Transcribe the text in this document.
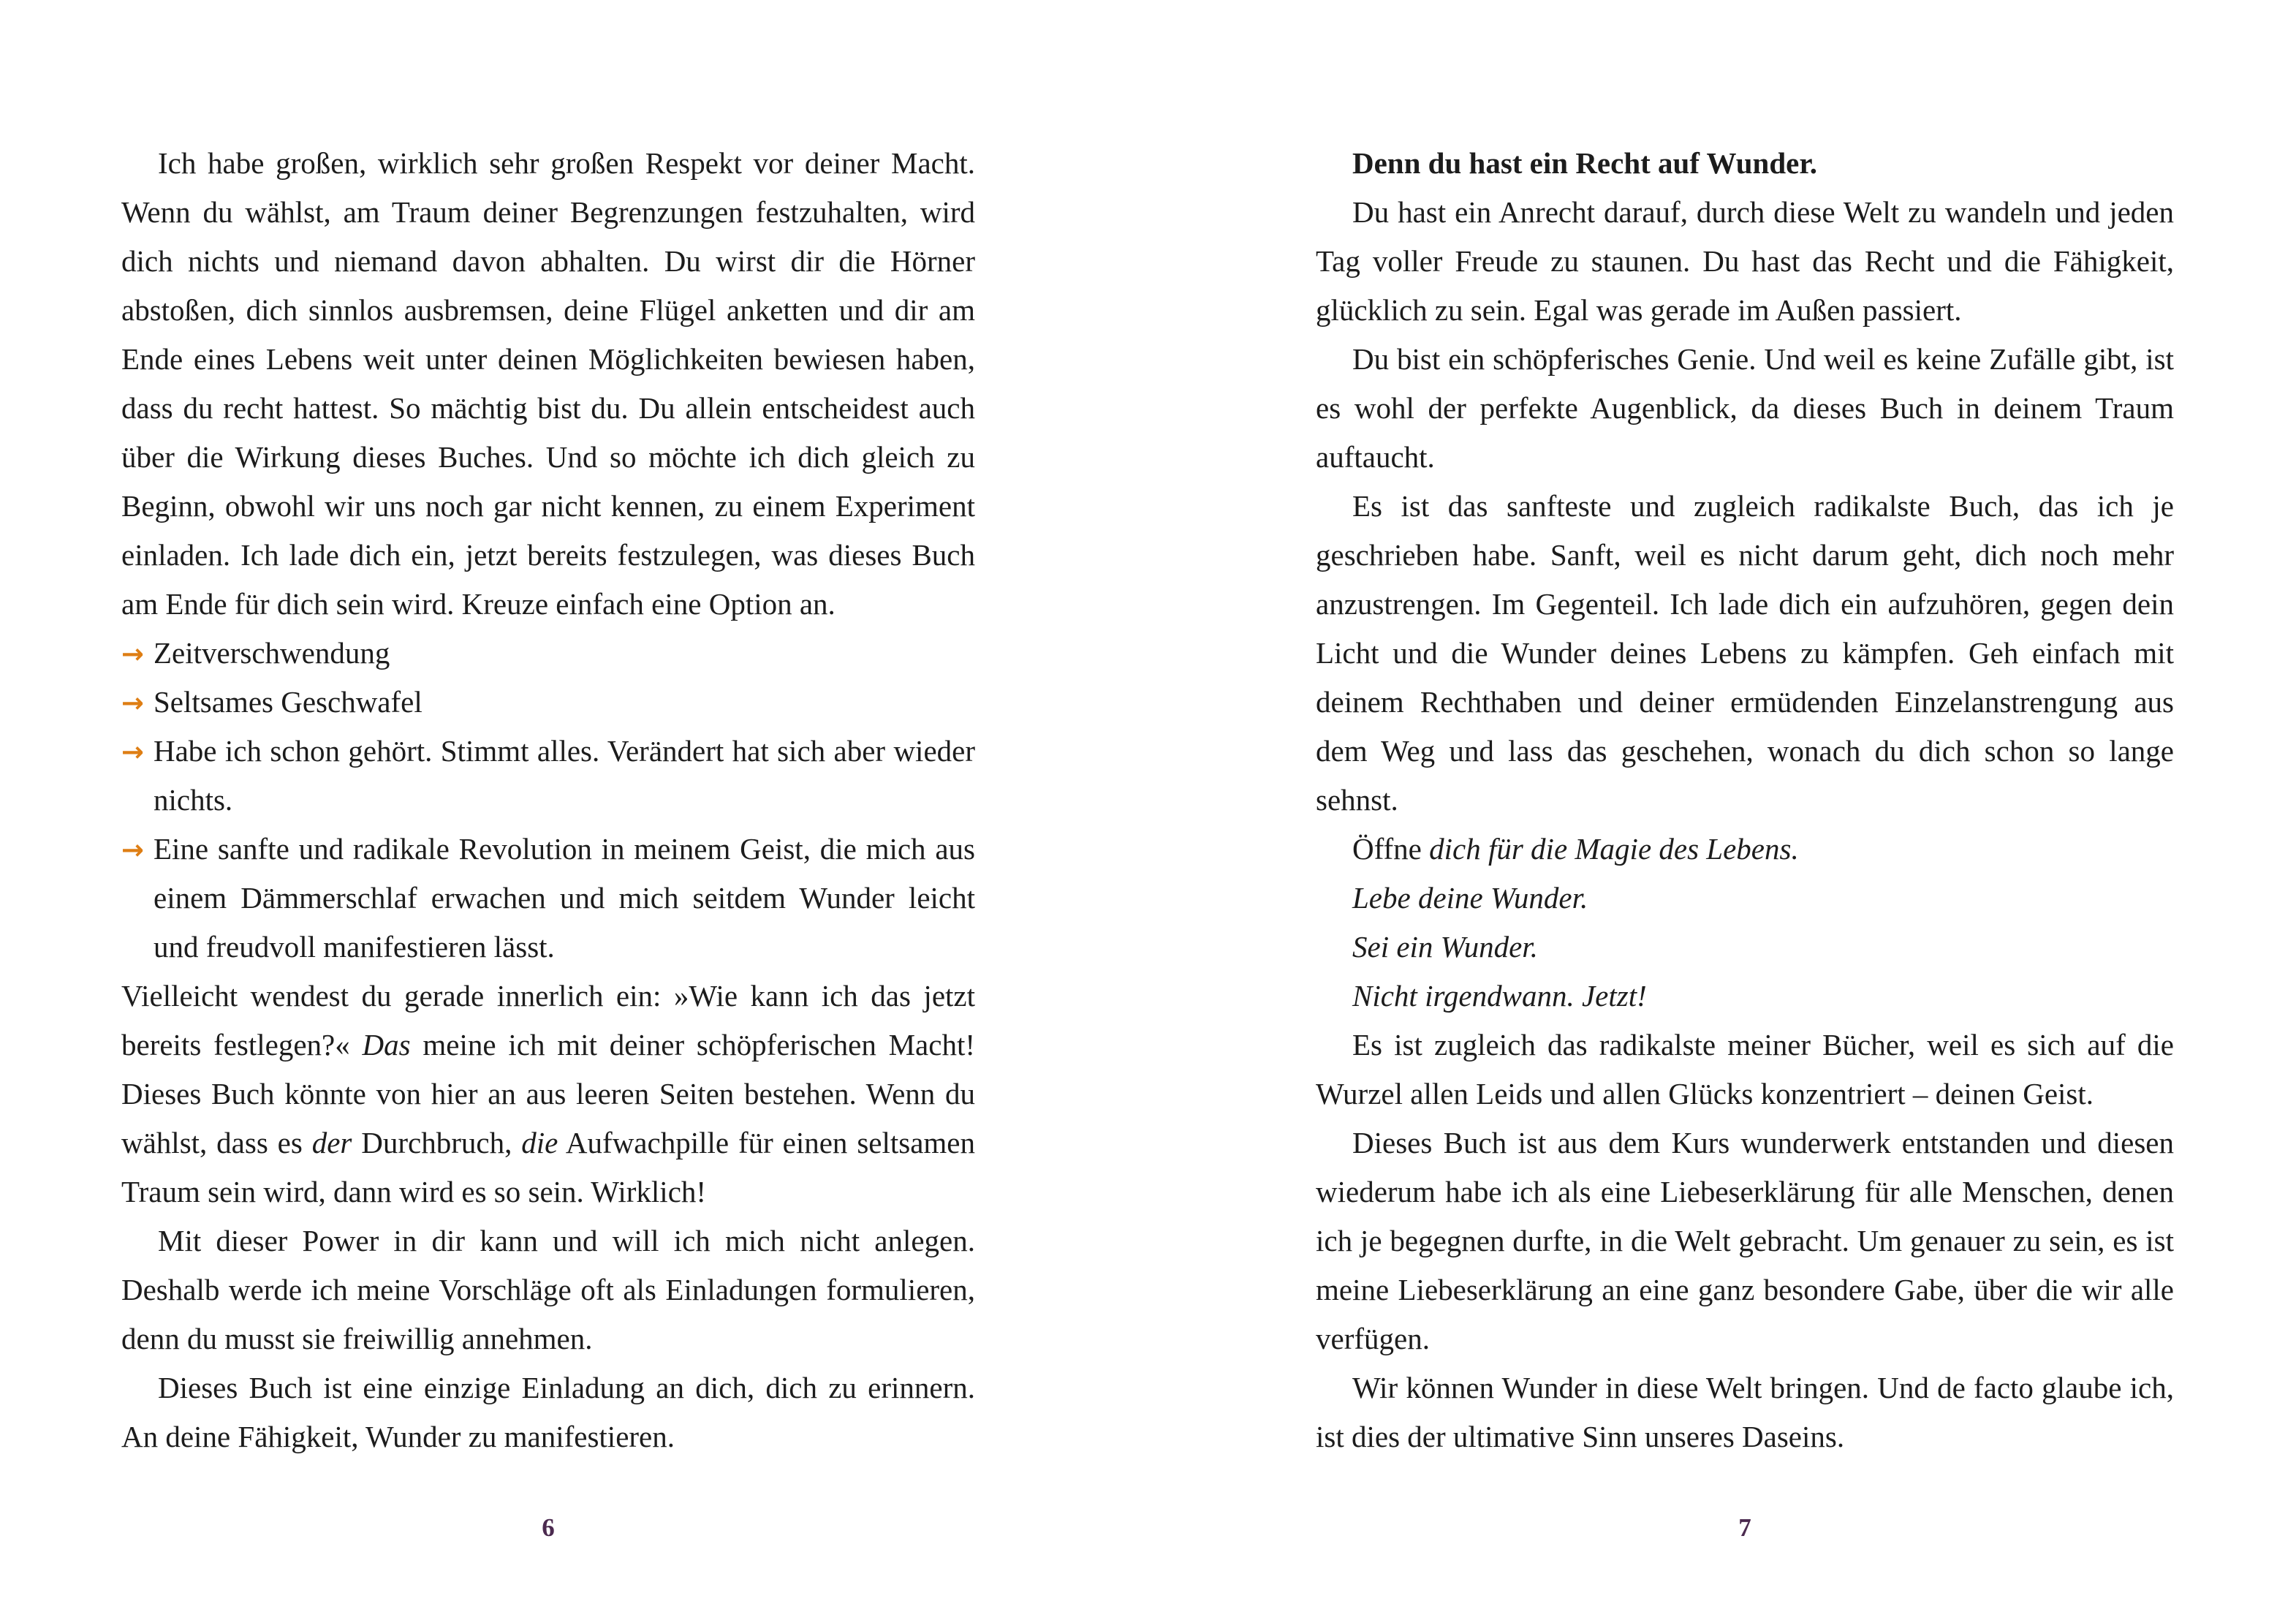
Ich habe großen, wirklich sehr großen Respekt vor deiner Macht. Wenn du wählst, am Traum deiner Begrenzungen festzuhalten, wird dich nichts und niemand davon abhalten. Du wirst dir die Hörner abstoßen, dich sinnlos ausbremsen, deine Flügel anketten und dir am Ende eines Lebens weit unter deinen Möglichkeiten bewiesen haben, dass du recht hattest. So mächtig bist du. Du allein entscheidest auch über die Wirkung dieses Buches. Und so möchte ich dich gleich zu Beginn, obwohl wir uns noch gar nicht kennen, zu einem Experiment einladen. Ich lade dich ein, jetzt bereits festzulegen, was dieses Buch am Ende für dich sein wird. Kreuze einfach eine Option an.

→ Zeitverschwendung
→ Seltsames Geschwafel
→ Habe ich schon gehört. Stimmt alles. Verändert hat sich aber wieder nichts.
→ Eine sanfte und radikale Revolution in meinem Geist, die mich aus einem Dämmerschlaf erwachen und mich seitdem Wunder leicht und freudvoll manifestieren lässt.

Vielleicht wendest du gerade innerlich ein: »Wie kann ich das jetzt bereits festlegen?« Das meine ich mit deiner schöpferischen Macht! Dieses Buch könnte von hier an aus leeren Seiten bestehen. Wenn du wählst, dass es der Durchbruch, die Aufwachpille für einen seltsamen Traum sein wird, dann wird es so sein. Wirklich!

Mit dieser Power in dir kann und will ich mich nicht anlegen. Deshalb werde ich meine Vorschläge oft als Einladungen formulieren, denn du musst sie freiwillig annehmen.

Dieses Buch ist eine einzige Einladung an dich, dich zu erinnern. An deine Fähigkeit, Wunder zu manifestieren.

6

Denn du hast ein Recht auf Wunder.

Du hast ein Anrecht darauf, durch diese Welt zu wandeln und jeden Tag voller Freude zu staunen. Du hast das Recht und die Fähigkeit, glücklich zu sein. Egal was gerade im Außen passiert.

Du bist ein schöpferisches Genie. Und weil es keine Zufälle gibt, ist es wohl der perfekte Augenblick, da dieses Buch in deinem Traum auftaucht.

Es ist das sanfteste und zugleich radikalste Buch, das ich je geschrieben habe. Sanft, weil es nicht darum geht, dich noch mehr anzustrengen. Im Gegenteil. Ich lade dich ein aufzuhören, gegen dein Licht und die Wunder deines Lebens zu kämpfen. Geh einfach mit deinem Rechthaben und deiner ermüdenden Einzelanstrengung aus dem Weg und lass das geschehen, wonach du dich schon so lange sehnst.

Öffne dich für die Magie des Lebens.

Lebe deine Wunder.

Sei ein Wunder.

Nicht irgendwann. Jetzt!

Es ist zugleich das radikalste meiner Bücher, weil es sich auf die Wurzel allen Leids und allen Glücks konzentriert – deinen Geist.

Dieses Buch ist aus dem Kurs wunderwerk entstanden und diesen wiederum habe ich als eine Liebeserklärung für alle Menschen, denen ich je begegnen durfte, in die Welt gebracht. Um genauer zu sein, es ist meine Liebeserklärung an eine ganz besondere Gabe, über die wir alle verfügen.

Wir können Wunder in diese Welt bringen. Und de facto glaube ich, ist dies der ultimative Sinn unseres Daseins.

7
